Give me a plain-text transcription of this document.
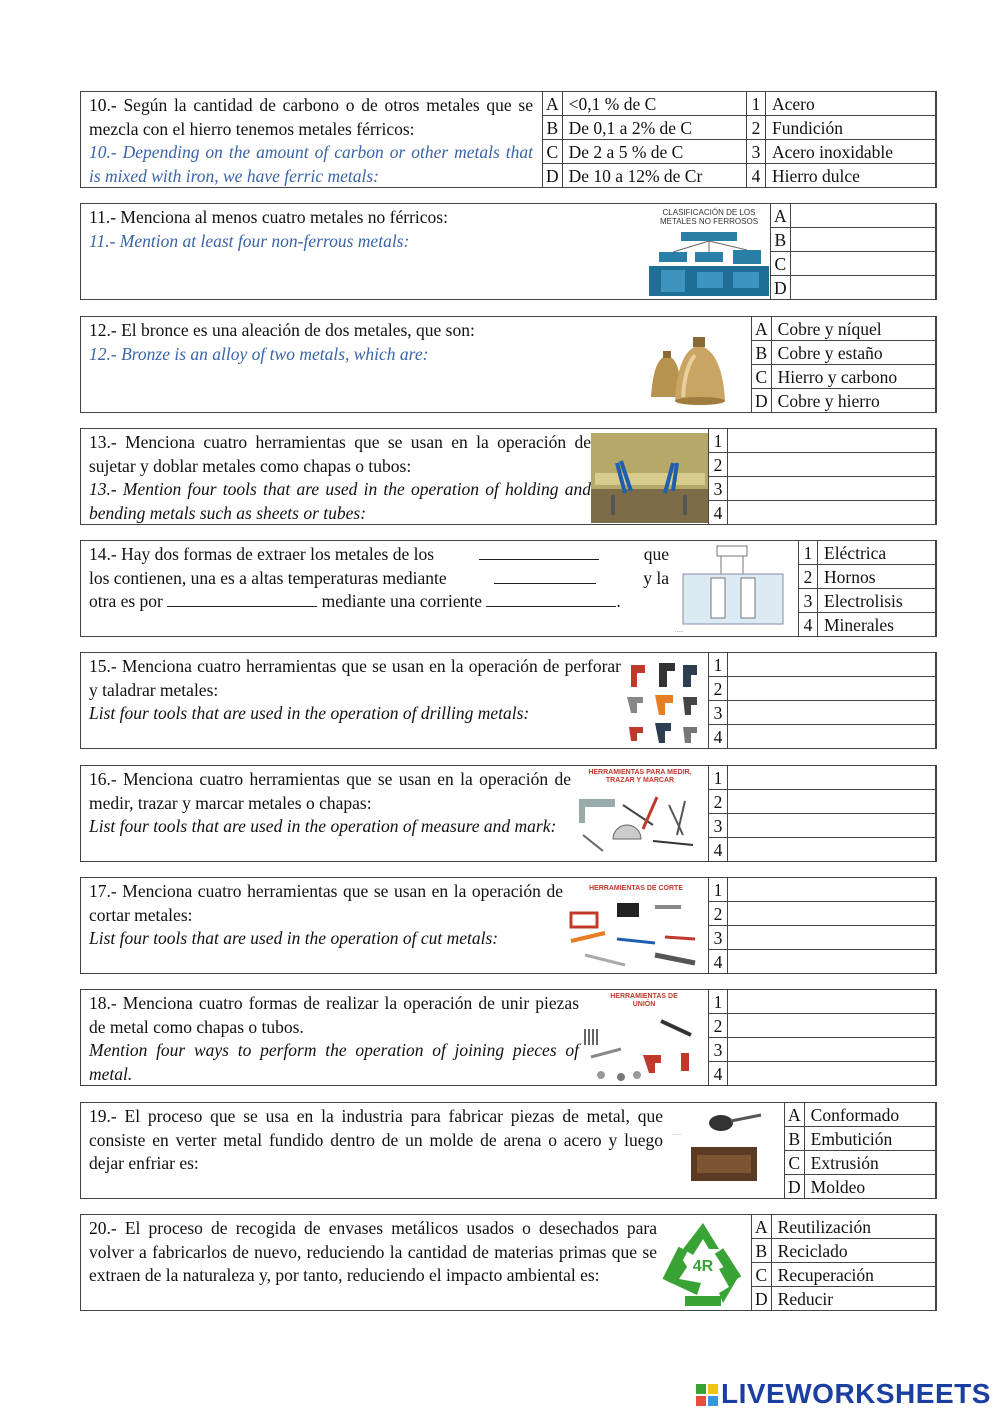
10.- Según la cantidad de carbono o de otros metales que se mezcla con el hierro tenemos metales férricos:
10.- Depending on the amount of carbon or other metals that is mixed with iron, we have ferric metals:
A	<0,1 % de C
B	De 0,1 a 2% de C
C	De 2 a 5 % de C
D	De 10 a 12% de Cr
1	Acero
2	Fundición
3	Acero inoxidable
4	Hierro dulce
11.- Menciona al menos cuatro metales no férricos:
11.- Mention at least four non-ferrous metals:
CLASIFICACIÓN DE LOS METALES NO FERROSOS A	
B	
C	
D	
12.- El bronce es una aleación de dos metales, que son:
12.- Bronze is an alloy of two metals, which are:
A	Cobre y níquel
B	Cobre y estaño
C	Hierro y carbono
D	Cobre y hierro
13.- Menciona cuatro herramientas que se usan en la operación de sujetar y doblar metales como chapas o tubos:
13.- Mention four tools that are used in the operation of holding and bending metals such as sheets or tubes:
1	
2	
3	
4	
14.- Hay dos formas de extraer los metales de los	que
los contienen, una es a altas temperaturas mediante	y la
otra es por	mediante una corriente	.
.....
1	Eléctrica
2	Hornos
3	Electrolisis
4	Minerales
15.- Menciona cuatro herramientas que se usan en la operación de perforar y taladrar metales:
List four tools that are used in the operation of drilling metals:
1	
2	
3	
4	
16.- Menciona cuatro herramientas que se usan en la operación de medir, trazar y marcar metales o chapas:
List four tools that are used in the operation of measure and mark:
HERRAMIENTAS PARA MEDIR, TRAZAR Y MARCAR	1	
2	
3	
4	
17.- Menciona cuatro herramientas que se usan en la operación de cortar metales:
List four tools that are used in the operation of cut metals:
HERRAMIENTAS DE CORTE	1	
2	
3	
4	
18.- Menciona cuatro formas de realizar la operación de unir piezas de metal como chapas o tubos.
Mention four ways to perform the operation of joining pieces of metal.
HERRAMIENTAS DE UNIÓN	1	
2	
3	
4	
19.- El proceso que se usa en la industria para fabricar piezas de metal, que consiste en verter metal fundido dentro de un molde de arena o acero y luego dejar enfriar es:
......
A	Conformado
B	Embutición
C	Extrusión
D	Moldeo
20.- El proceso de recogida de envases metálicos usados o desechados para volver a fabricarlos de nuevo, reduciendo la cantidad de materias primas que se extraen de la naturaleza y, por tanto, reduciendo el impacto ambiental es:	4R
A	Reutilización
B	Reciclado
C	Recuperación
D	Reducir
LIVEWORKSHEETS
